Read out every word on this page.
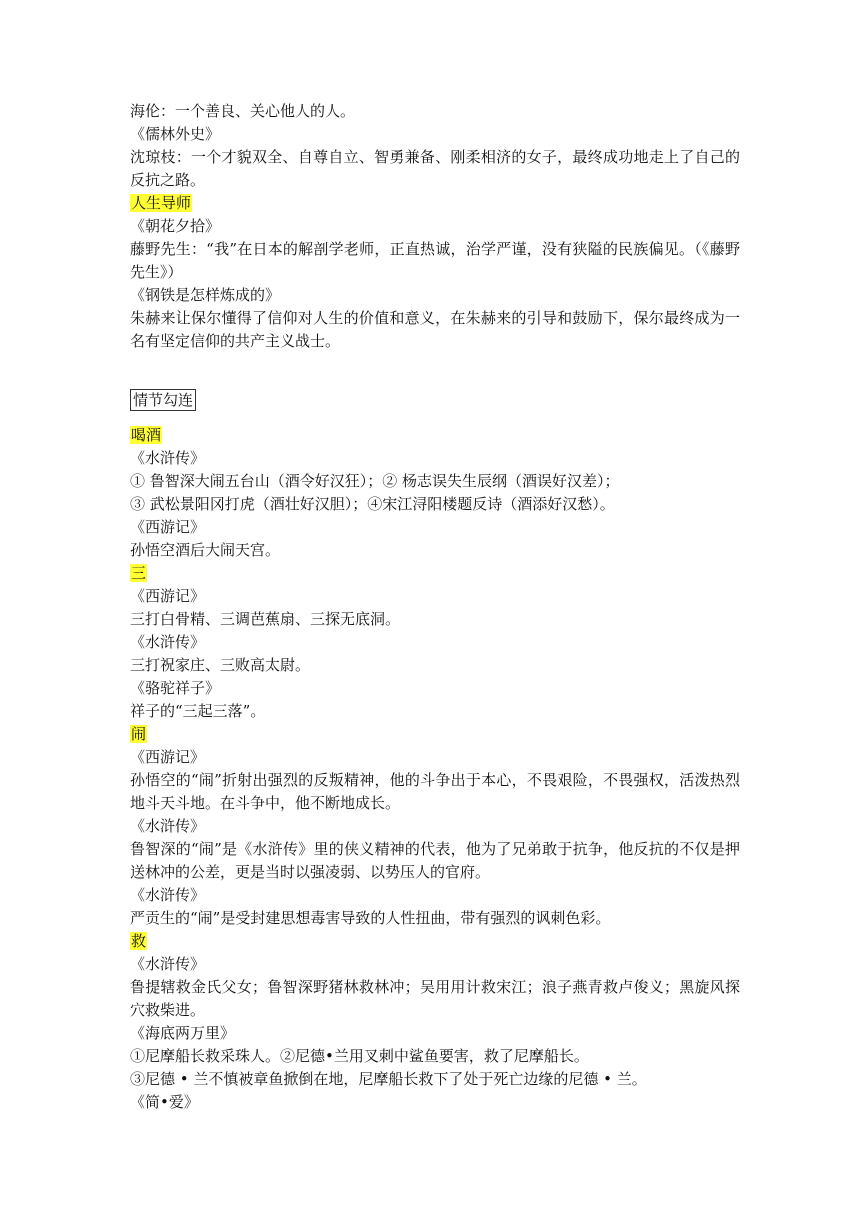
海伦：一个善良、关心他人的人。
《儒林外史》
沈琼枝：一个才貌双全、自尊自立、智勇兼备、刚柔相济的女子，最终成功地走上了自己的反抗之路。
人生导师
《朝花夕拾》
藤野先生：“我”在日本的解剖学老师，正直热诚，治学严谨，没有狭隘的民族偏见。（《藤野先生》）
《钢铁是怎样炼成的》
朱赫来让保尔懂得了信仰对人生的价值和意义，在朱赫来的引导和鼓励下，保尔最终成为一名有坚定信仰的共产主义战士。
情节勾连
喝酒
《水浒传》
① 鲁智深大闹五台山（酒令好汉狂）；② 杨志误失生辰纲（酒误好汉差）；
③ 武松景阳冈打虎（酒壮好汉胆）；④宋江浔阳楼题反诗（酒添好汉愁）。
《西游记》
孙悟空酒后大闹天宫。
三
《西游记》
三打白骨精、三调芭蕉扇、三探无底洞。
《水浒传》
三打祝家庄、三败高太尉。
《骆驼祥子》
祥子的“三起三落”。
闹
《西游记》
孙悟空的“闹”折射出强烈的反叛精神，他的斗争出于本心，不畏艰险，不畏强权，活泼热烈地斗天斗地。在斗争中，他不断地成长。
《水浒传》
鲁智深的“闹”是《水浒传》里的侠义精神的代表，他为了兄弟敢于抗争，他反抗的不仅是押送林冲的公差，更是当时以强凌弱、以势压人的官府。
《水浒传》
严贡生的“闹”是受封建思想毒害导致的人性扭曲，带有强烈的讽刺色彩。
救
《水浒传》
鲁提辖救金氏父女；鲁智深野猪林救林冲；吴用用计救宋江；浪子燕青救卢俊义；黑旋风探穴救柴进。
《海底两万里》
①尼摩船长救采珠人。②尼德•兰用叉刺中鲨鱼要害，救了尼摩船长。
③尼德 • 兰不慎被章鱼掀倒在地，尼摩船长救下了处于死亡边缘的尼德 • 兰。
《简•爱》
